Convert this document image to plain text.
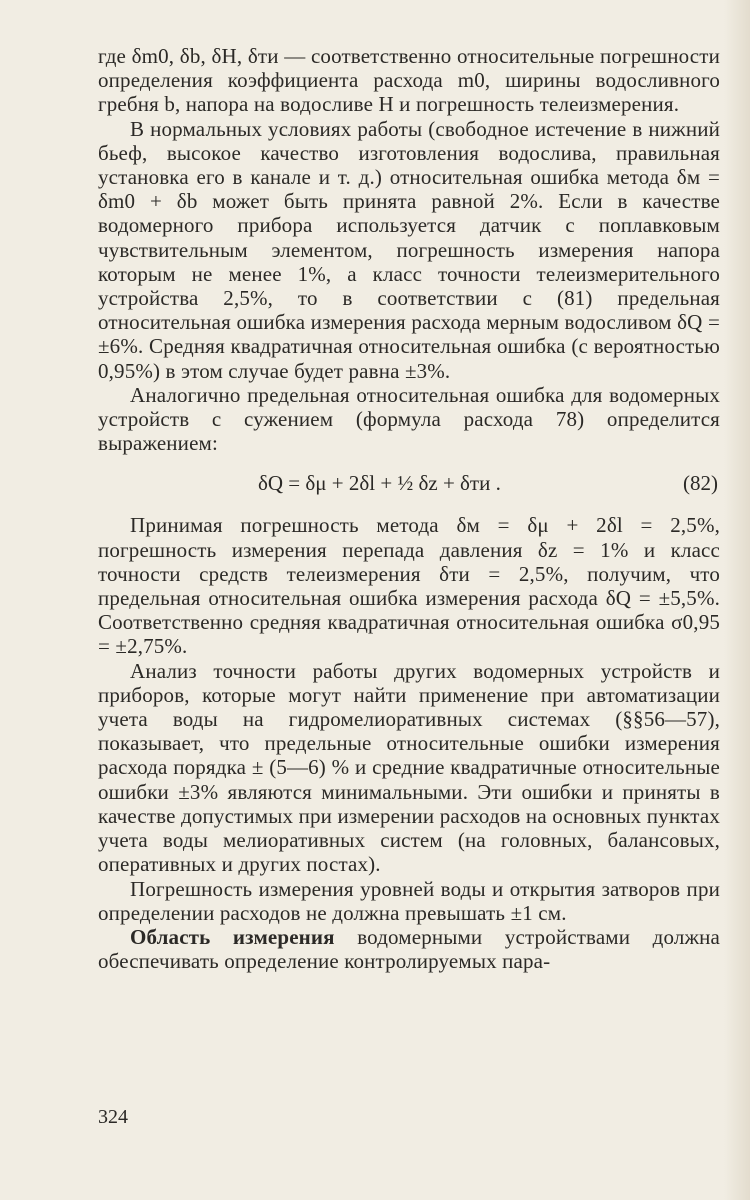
где δm0, δb, δH, δти — соответственно относительные погрешности определения коэффициента расхода m0, ширины водосливного гребня b, напора на водосливе H и погрешность телеизмерения.

В нормальных условиях работы (свободное истечение в нижний бьеф, высокое качество изготовления водослива, правильная установка его в канале и т. д.) относительная ошибка метода δм = δm0 + δb может быть принята равной 2%. Если в качестве водомерного прибора используется датчик с поплавковым чувствительным элементом, погрешность измерения напора которым не менее 1%, а класс точности телеизмерительного устройства 2,5%, то в соответствии с (81) предельная относительная ошибка измерения расхода мерным водосливом δQ = ±6%. Средняя квадратичная относительная ошибка (с вероятностью 0,95%) в этом случае будет равна ±3%.

Аналогично предельная относительная ошибка для водомерных устройств с сужением (формула расхода 78) определится выражением:

δQ = δμ + 2δl + ½ δz + δти .	(82)

Принимая погрешность метода δм = δμ + 2δl = 2,5%, погрешность измерения перепада давления δz = 1% и класс точности средств телеизмерения δти = 2,5%, получим, что предельная относительная ошибка измерения расхода δQ = ±5,5%. Соответственно средняя квадратичная относительная ошибка σ0,95 = ±2,75%.

Анализ точности работы других водомерных устройств и приборов, которые могут найти применение при автоматизации учета воды на гидромелиоративных системах (§§56—57), показывает, что предельные относительные ошибки измерения расхода порядка ± (5—6) % и средние квадратичные относительные ошибки ±3% являются минимальными. Эти ошибки и приняты в качестве допустимых при измерении расходов на основных пунктах учета воды мелиоративных систем (на головных, балансовых, оперативных и других постах).

Погрешность измерения уровней воды и открытия затворов при определении расходов не должна превышать ±1 см.

Область измерения водомерными устройствами должна обеспечивать определение контролируемых пара-

324
